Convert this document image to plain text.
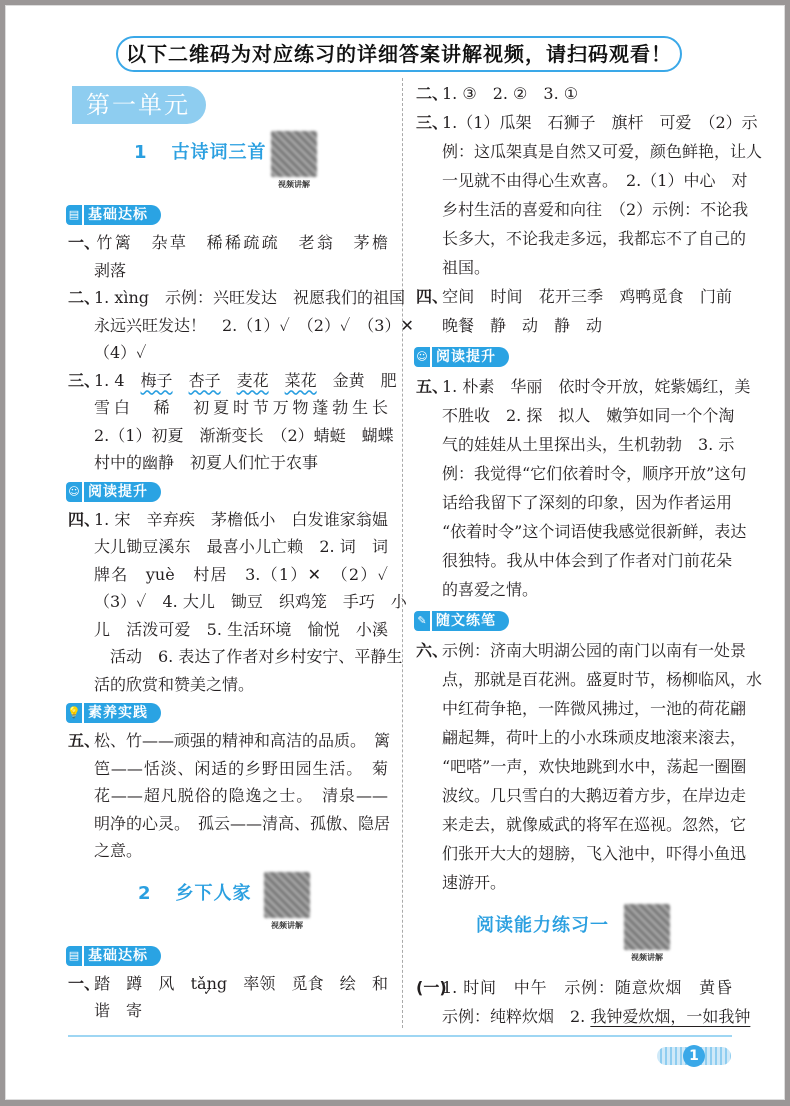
以下二维码为对应练习的详细答案讲解视频，请扫码观看！
第一单元
1 古诗词三首
视频讲解
▤ 基础达标
一、竹篱　杂草　稀稀疏疏　老翁　茅檐
剥落
二、1. xìng　示例：兴旺发达　祝愿我们的祖国
永远兴旺发达！　2.（1）✓　（2）✓　（3）✕
（4）✓
三、1. 4　梅子　 杏子　 麦花　 菜花　金黄　肥
雪白　稀　初夏时节万物蓬勃生长
2.（1）初夏　渐渐变长　（2）蜻蜓　蝴蝶
村中的幽静　初夏人们忙于农事
☺ 阅读提升
四、1. 宋　辛弃疾　茅檐低小　白发谁家翁媪
大儿锄豆溪东　最喜小儿亡赖　2. 词　词
牌名　yuè　村居　3.（1）✕　（2）✓
（3）✓　4. 大儿　锄豆　织鸡笼　手巧　小
儿　活泼可爱　5. 生活环境　愉悦　小溪
　活动　6. 表达了作者对乡村安宁、平静生
活的欣赏和赞美之情。
💡 素养实践
五、松、竹——顽强的精神和高洁的品质。　篱
笆——恬淡、闲适的乡野田园生活。　菊
花——超凡脱俗的隐逸之士。　清泉——
明净的心灵。　孤云——清高、孤傲、隐居
之意。
2 乡下人家
视频讲解
▤ 基础达标
一、踏　蹲　风　tǎng ✓　率领　觅食　绘　和
谐　寄
二、1. ③　2. ②　3. ①
三、1.（1）瓜架　石狮子　旗杆　可爱　（2）示
例：这瓜架真是自然又可爱，颜色鲜艳，让人
一见就不由得心生欢喜。　2.（1）中心　对
乡村生活的喜爱和向往　（2）示例：不论我
长多大，不论我走多远，我都忘不了自己的
祖国。
四、空间　时间　花开三季　鸡鸭觅食　门前
晚餐　静　动　静　动
☺ 阅读提升
五、1. 朴素　华丽　依时令开放，姹紫嫣红，美
不胜收　2. 探　拟人　嫩笋如同一个个淘
气的娃娃从土里探出头，生机勃勃　3. 示
例：我觉得“它们依着时令，顺序开放”这句
话给我留下了深刻的印象，因为作者运用
“依着时令”这个词语使我感觉很新鲜，表达
很独特。我从中体会到了作者对门前花朵
的喜爱之情。
✎ 随文练笔
六、示例：济南大明湖公园的南门以南有一处景
点，那就是百花洲。盛夏时节，杨柳临风，水
中红荷争艳，一阵微风拂过，一池的荷花翩
翩起舞，荷叶上的小水珠顽皮地滚来滚去，
“吧嗒”一声，欢快地跳到水中，荡起一圈圈
波纹。几只雪白的大鹅迈着方步，在岸边走
来走去，就像威武的将军在巡视。忽然，它
们张开大大的翅膀，飞入池中，吓得小鱼迅
速游开。
阅读能力练习一
视频讲解
(一)1. 时间　中午　示例：随意炊烟　黄昏
示例：纯粹炊烟　2. 我钟爱炊烟，一如我钟
1
